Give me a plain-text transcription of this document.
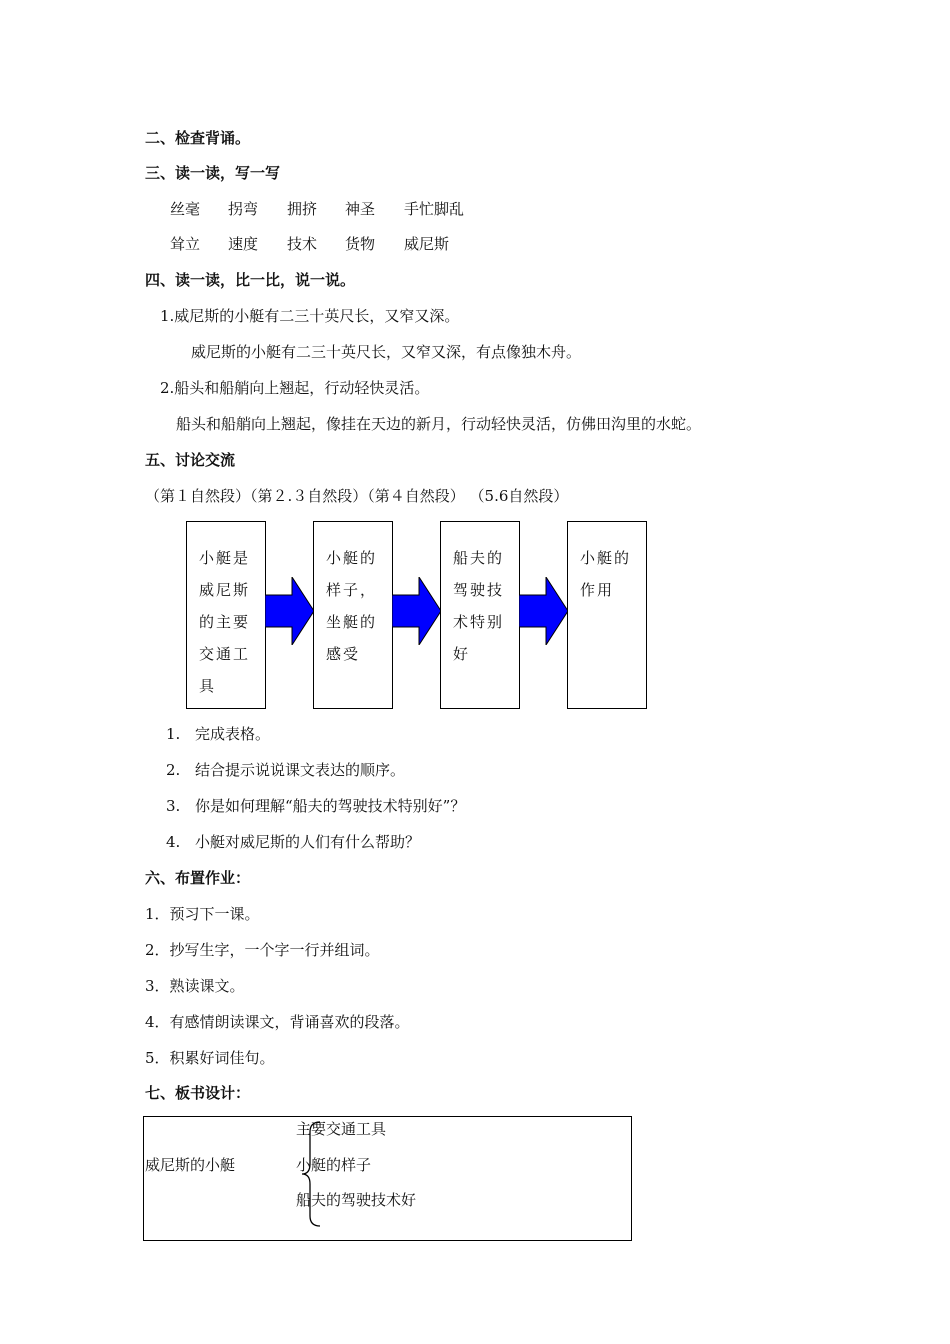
二、检查背诵。
三、读一读，写一写
丝毫 拐弯 拥挤 神圣 手忙脚乱
耸立 速度 技术 货物 威尼斯
四、读一读，比一比，说一说。
1.威尼斯的小艇有二三十英尺长，又窄又深。
威尼斯的小艇有二三十英尺长，又窄又深，有点像独木舟。
2.船头和船艄向上翘起，行动轻快灵活。
船头和船艄向上翘起，像挂在天边的新月，行动轻快灵活，仿佛田沟里的水蛇。
五、讨论交流
（第１自然段）（第２.３自然段）（第４自然段） （5.6自然段）
小艇是
威尼斯
的主要
交通工
具
小艇的
样子，
坐艇的
感受
船夫的
驾驶技
术特别
好
小艇的
作用
1. 完成表格。
2. 结合提示说说课文表达的顺序。
3. 你是如何理解“船夫的驾驶技术特别好”？
4. 小艇对威尼斯的人们有什么帮助？
六、布置作业：
1．预习下一课。
2．抄写生字，一个字一行并组词。
3．熟读课文。
4．有感情朗读课文，背诵喜欢的段落。
5．积累好词佳句。
七、板书设计：
威尼斯的小艇
主要交通工具
小艇的样子
船夫的驾驶技术好
